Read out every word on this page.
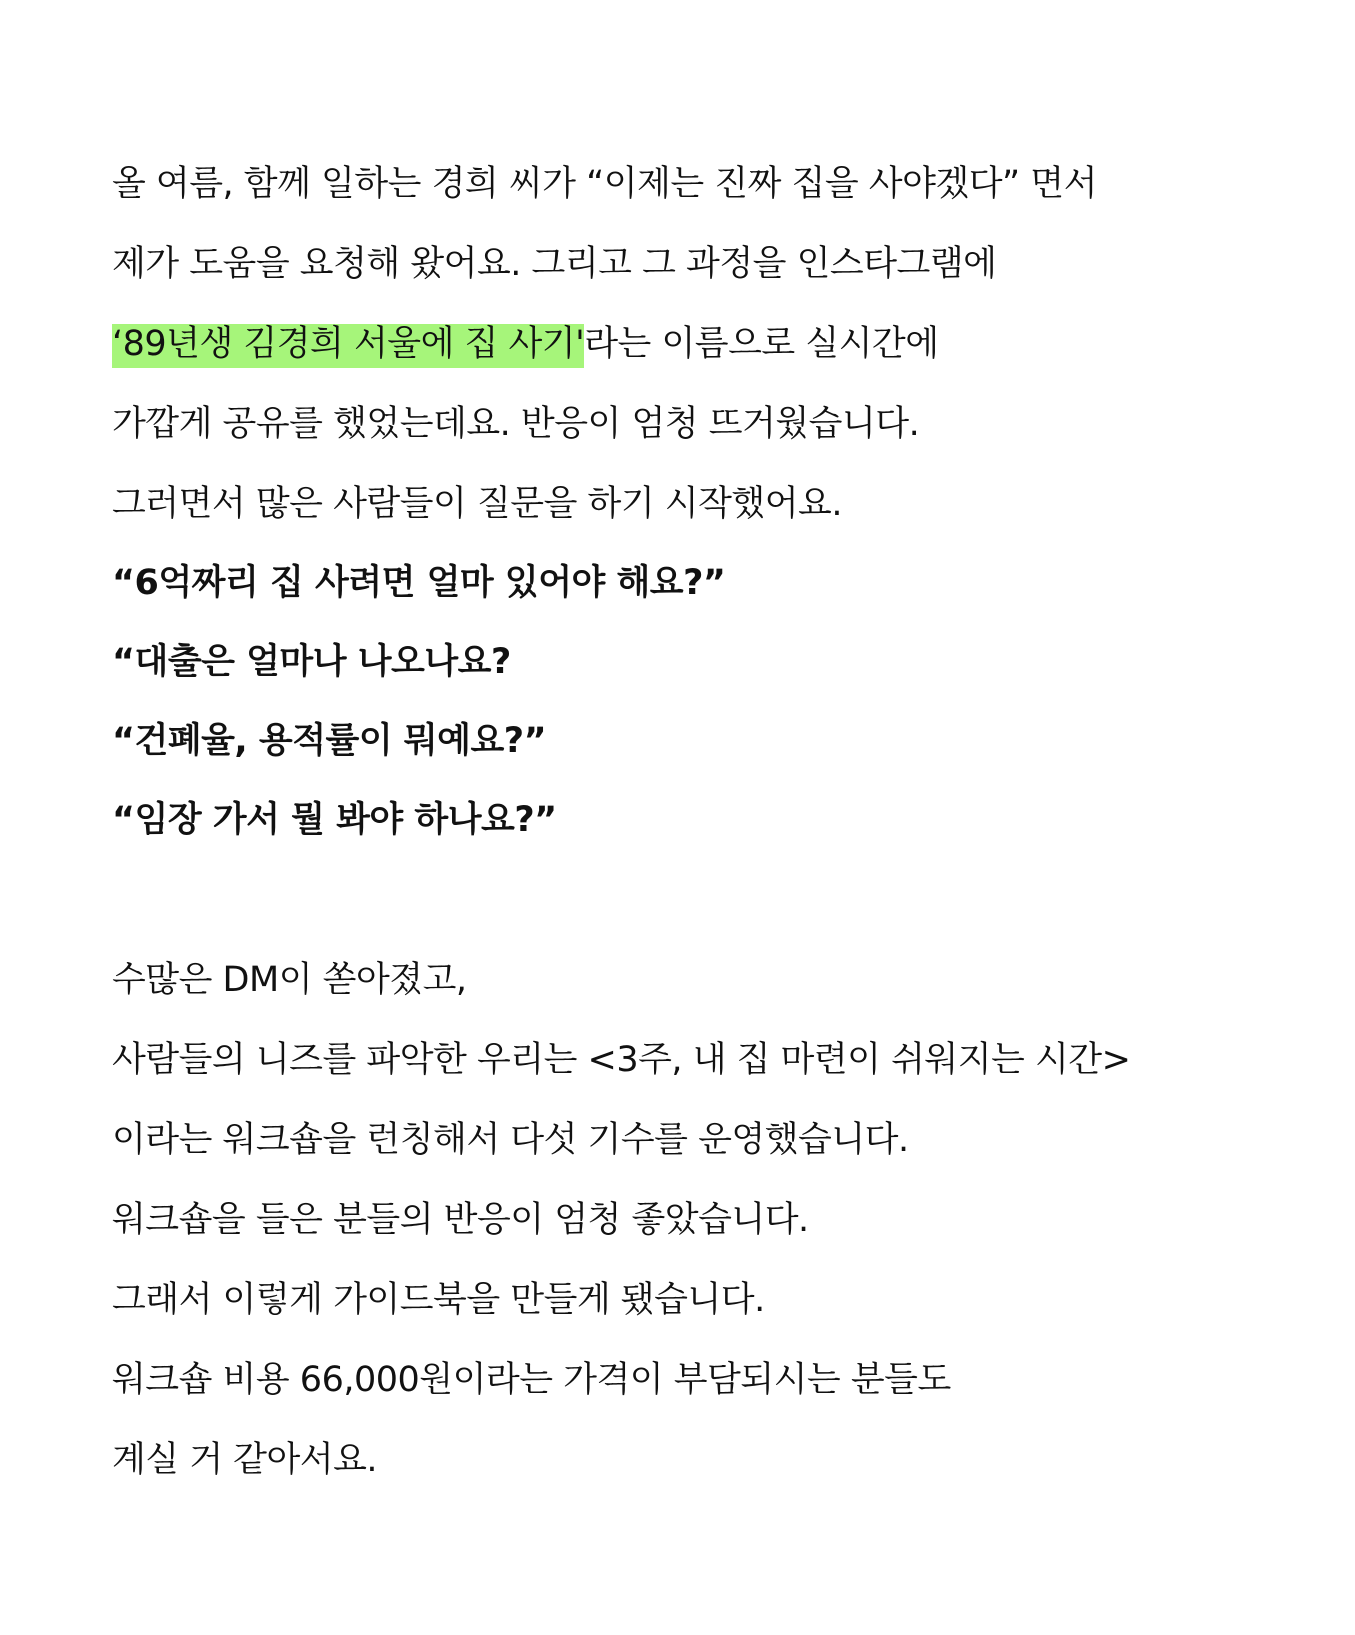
올 여름, 함께 일하는 경희 씨가 “이제는 진짜 집을 사야겠다” 면서

제가 도움을 요청해 왔어요. 그리고 그 과정을 인스타그램에

‘89년생 김경희 서울에 집 사기'라는 이름으로 실시간에

가깝게 공유를 했었는데요. 반응이 엄청 뜨거웠습니다.

그러면서 많은 사람들이 질문을 하기 시작했어요.

“6억짜리 집 사려면 얼마 있어야 해요?”

“대출은 얼마나 나오나요?

“건폐율, 용적률이 뭐예요?”

“임장 가서 뭘 봐야 하나요?”

수많은 DM이 쏟아졌고,

사람들의 니즈를 파악한 우리는 <3주, 내 집 마련이 쉬워지는 시간>

이라는 워크숍을 런칭해서 다섯 기수를 운영했습니다.

워크숍을 들은 분들의 반응이 엄청 좋았습니다.

그래서 이렇게 가이드북을 만들게 됐습니다.

워크숍 비용 66,000원이라는 가격이 부담되시는 분들도

계실 거 같아서요.
